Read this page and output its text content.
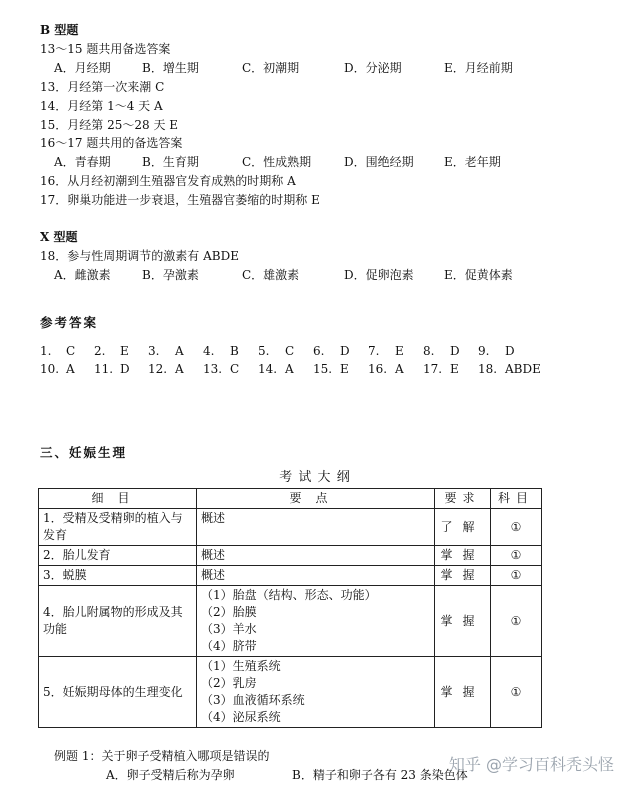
B 型题
13～15 题共用备选答案
A．月经期	B．增生期	C．初潮期	D．分泌期	E．月经前期
13．月经第一次来潮 C
14．月经第 1～4 天 A
15．月经第 25～28 天 E
16～17 题共用的备选答案
A．青春期	B．生育期	C．性成熟期	D．围绝经期	E．老年期
16．从月经初潮到生殖器官发育成熟的时期称 A
17．卵巢功能进一步衰退，生殖器官萎缩的时期称 E
X 型题
18．参与性周期调节的激素有 ABDE
A．雌激素	B．孕激素	C．雄激素	D．促卵泡素	E．促黄体素
参考答案
1. C 2. E 3. A 4. B 5. C 6. D 7. E 8. D 9. D
10. A 11. D 12. A 13. C 14. A 15. E 16. A 17. E 18. ABDE
三、妊娠生理
考 试 大 纲
细目	要点	要求	科目
1．受精及受精卵的植入与发育	概述	了解	①
2．胎儿发育	概述	掌握	①
3．蜕膜	概述	掌握	①
4．胎儿附属物的形成及其功能	（1）胎盘（结构、形态、功能）
（2）胎膜
（3）羊水
（4）脐带	掌握	①
5．妊娠期母体的生理变化	（1）生殖系统
（2）乳房
（3）血液循环系统
（4）泌尿系统	掌握	①
例题 1：关于卵子受精植入哪项是错误的
A．卵子受精后称为孕卵	B．精子和卵子各有 23 条染色体
知乎 @学习百科秃头怪
